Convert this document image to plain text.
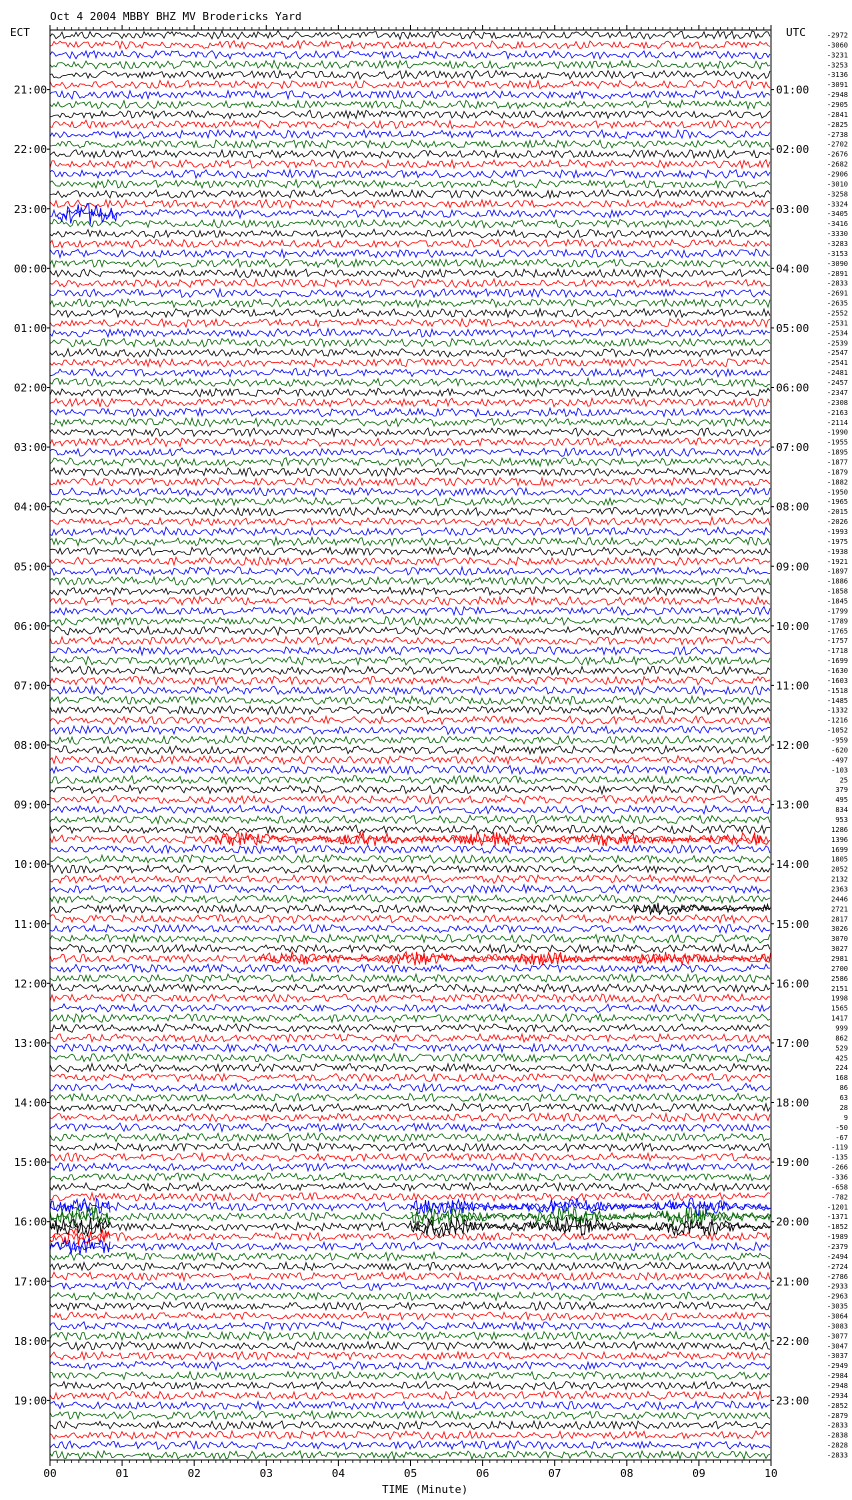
Oct 4 2004 MBBY BHZ MV Brodericks Yard
ECT	UTC
00	01	02	03	04	05	06	07	08	09	10
21:00
22:00
23:00
00:00
01:00
02:00
03:00
04:00
05:00
06:00
07:00
08:00
09:00
10:00
11:00
12:00
13:00
14:00
15:00
16:00
17:00
18:00
19:00
01:00
02:00
03:00
04:00
05:00
06:00
07:00
08:00
09:00
10:00
11:00
12:00
13:00
14:00
15:00
16:00
17:00
18:00
19:00
20:00
21:00
22:00
23:00
-2972
-3060
-3231
-3253
-3136
-3091
-2948
-2905
-2841
-2825
-2738
-2702
-2676
-2682
-2906
-3010
-3258
-3324
-3405
-3416
-3330
-3283
-3153
-3090
-2891
-2833
-2691
-2635
-2552
-2531
-2534
-2539
-2547
-2541
-2481
-2457
-2347
-2308
-2163
-2114
-1990
-1955
-1895
-1877
-1879
-1882
-1950
-1965
-2015
-2026
-1993
-1975
-1938
-1921
-1897
-1886
-1858
-1845
-1799
-1789
-1765
-1757
-1718
-1699
-1630
-1603
-1518
-1485
-1332
-1216
-1052
-959
-620
-497
-103
25
379
495
834
953
1286
1396
1699
1805
2052
2132
2363
2446
2721
2817
3026
3070
3027
2981
2700
2586
2151
1998
1565
1417
999
862
529
425
224
168
86
63
28
9
-50
-67
-119
-135
-266
-336
-658
-782
-1201
-1371
-1852
-1989
-2379
-2494
-2724
-2786
-2933
-2963
-3035
-3064
-3083
-3077
-3047
-3037
-2949
-2984
-2948
-2934
-2852
-2879
-2833
-2838
-2828
-2833
TIME (Minute)
